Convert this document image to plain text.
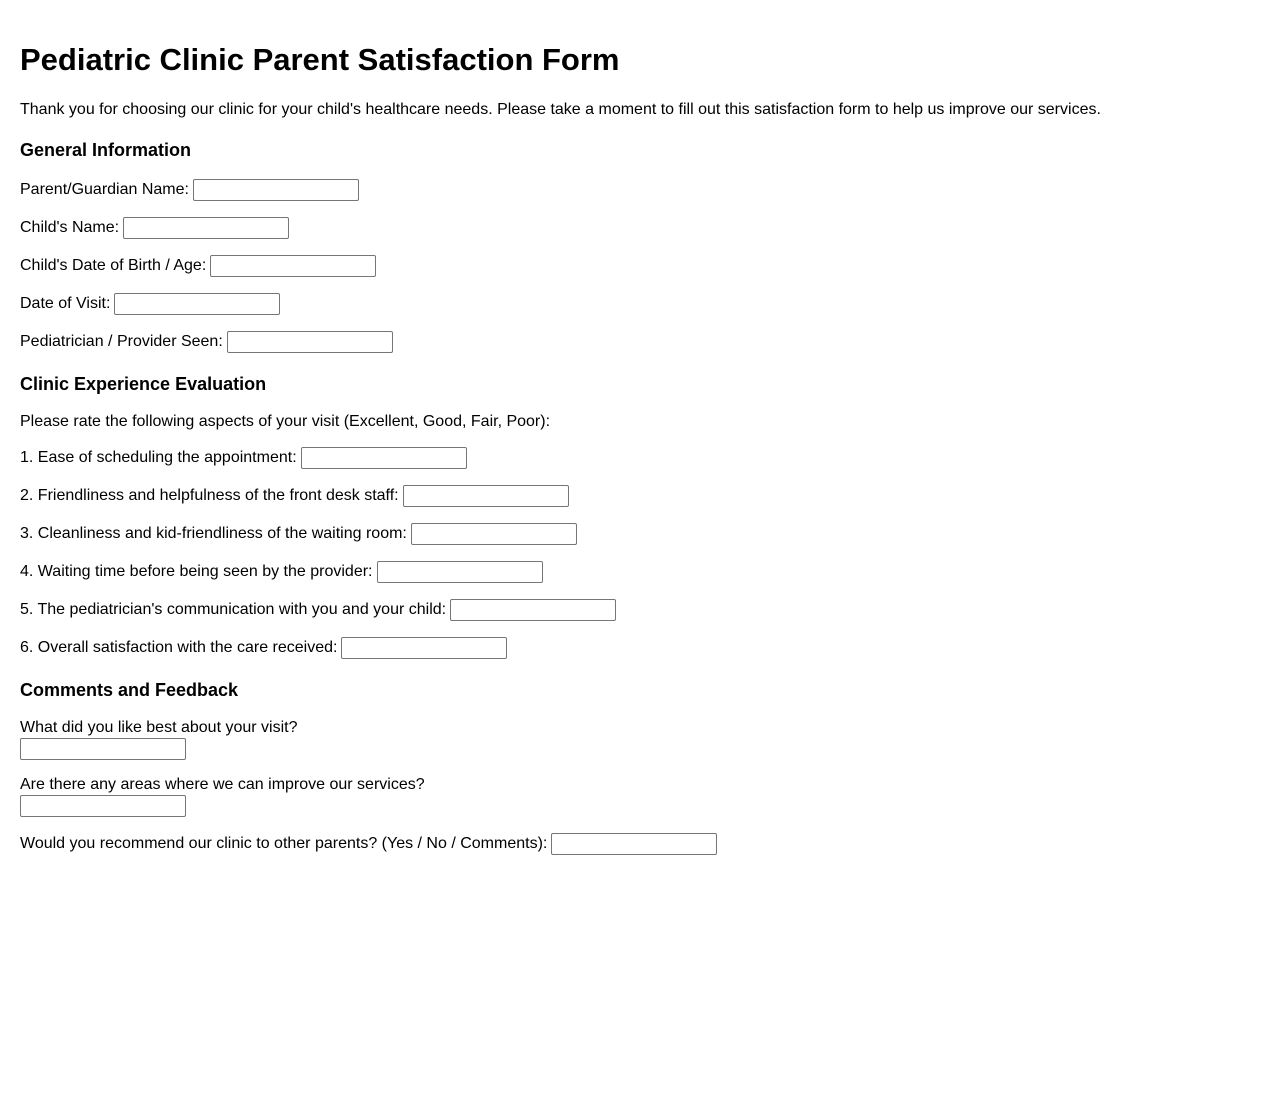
Pediatric Clinic Parent Satisfaction Form

Thank you for choosing our clinic for your child's healthcare needs. Please take a moment to fill out this satisfaction form to help us improve our services.

General Information
Parent/Guardian Name:
Child's Name:
Child's Date of Birth / Age:
Date of Visit:
Pediatrician / Provider Seen:
Clinic Experience Evaluation
Please rate the following aspects of your visit (Excellent, Good, Fair, Poor):
1. Ease of scheduling the appointment:
2. Friendliness and helpfulness of the front desk staff:
3. Cleanliness and kid-friendliness of the waiting room:
4. Waiting time before being seen by the provider:
5. The pediatrician's communication with you and your child:
6. Overall satisfaction with the care received:
Comments and Feedback
What did you like best about your visit?
Are there any areas where we can improve our services?
Would you recommend our clinic to other parents? (Yes / No / Comments):
